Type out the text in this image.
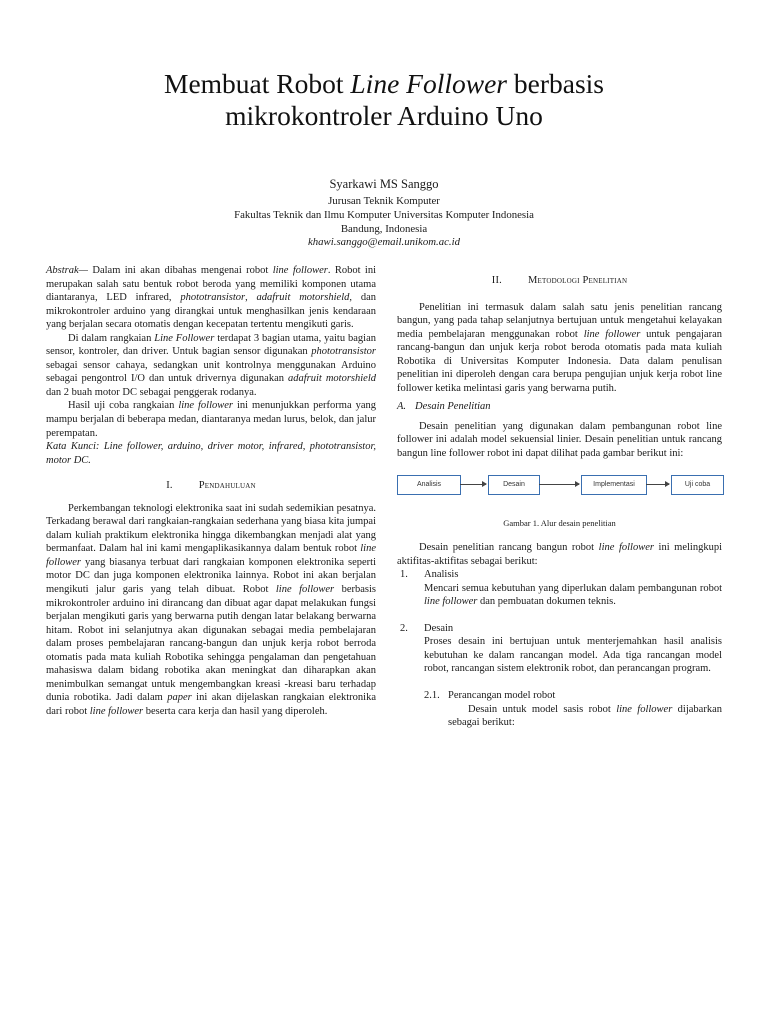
Membuat Robot Line Follower berbasis
mikrokontroler Arduino Uno
Syarkawi MS Sanggo
Jurusan Teknik Komputer
Fakultas Teknik dan Ilmu Komputer Universitas Komputer Indonesia
Bandung, Indonesia
khawi.sanggo@email.unikom.ac.id

Abstrak— Dalam ini akan dibahas mengenai robot line follower. Robot ini merupakan salah satu bentuk robot beroda yang memiliki komponen utama diantaranya, LED infrared, phototransistor, adafruit motorshield, dan mikrokontroler arduino yang dirangkai untuk menghasilkan jenis kendaraan yang berjalan secara otomatis dengan kecepatan tertentu mengikuti garis.

Di dalam rangkaian Line Follower terdapat 3 bagian utama, yaitu bagian sensor, kontroler, dan driver. Untuk bagian sensor digunakan phototransistor sebagai sensor cahaya, sedangkan unit kontrolnya menggunakan Arduino sebagai pengontrol I/O dan untuk drivernya digunakan adafruit motorshield dan 2 buah motor DC sebagai penggerak rodanya.

Hasil uji coba rangkaian line follower ini menunjukkan performa yang mampu berjalan di beberapa medan, diantaranya medan lurus, belok, dan jalur perempatan.

Kata Kunci: Line follower, arduino, driver motor, infrared, phototransistor, motor DC.

I. Pendahuluan

Perkembangan teknologi elektronika saat ini sudah sedemikian pesatnya. Terkadang berawal dari rangkaian-rangkaian sederhana yang biasa kita jumpai dalam kuliah praktikum elektronika hingga dikembangkan menjadi alat yang bermanfaat. Dalam hal ini kami mengaplikasikannya dalam bentuk robot line follower yang biasanya terbuat dari rangkaian komponen elektronika seperti motor DC dan juga komponen elektronika lainnya. Robot ini akan berjalan mengikuti jalur garis yang telah dibuat. Robot line follower berbasis mikrokontroler arduino ini dirancang dan dibuat agar dapat melakukan fungsi berjalan mengikuti garis yang berwarna putih dengan latar belakang berwarna hitam. Robot ini selanjutnya akan digunakan sebagai media pembelajaran dalam proses pembelajaran rancang-bangun dan unjuk kerja robot berroda otomatis pada mata kuliah Robotika sehingga pengalaman dan pengetahuan mahasiswa dalam bidang robotika akan meningkat dan diharapkan akan menimbulkan semangat untuk mengembangkan kreasi -kreasi baru terhadap dunia robotika. Jadi dalam paper ini akan dijelaskan rangkaian elektronika dari robot line follower beserta cara kerja dan hasil yang diperoleh.

II. Metodologi Penelitian

Penelitian ini termasuk dalam salah satu jenis penelitian rancang bangun, yang pada tahap selanjutnya bertujuan untuk mengetahui kelayakan media pembelajaran menggunakan robot line follower untuk pengajaran rancang-bangun dan unjuk kerja robot beroda otomatis pada mata kuliah Robotika di Universitas Komputer Indonesia. Data dalam penulisan penelitian ini diperoleh dengan cara berupa pengujian unjuk kerja robot line follower ketika melintasi garis yang berwarna putih.

A. Desain Penelitian

Desain penelitian yang digunakan dalam pembangunan robot line follower ini adalah model sekuensial linier. Desain penelitian untuk rancang bangun line follower robot ini dapat dilihat pada gambar berikut ini:

Analisis	Desain	Implementasi	Uji coba
Gambar 1. Alur desain penelitian

Desain penelitian rancang bangun robot line follower ini melingkupi aktifitas-aktifitas sebagai berikut:

1. Analisis
Mencari semua kebutuhan yang diperlukan dalam pembangunan robot line follower dan pembuatan dokumen teknis.
2. Desain
Proses desain ini bertujuan untuk menterjemahkan hasil analisis kebutuhan ke dalam rancangan model. Ada tiga rancangan model robot, rancangan sistem elektronik robot, dan perancangan program.
2.1. Perancangan model robot
Desain untuk model sasis robot line follower dijabarkan sebagai berikut:
